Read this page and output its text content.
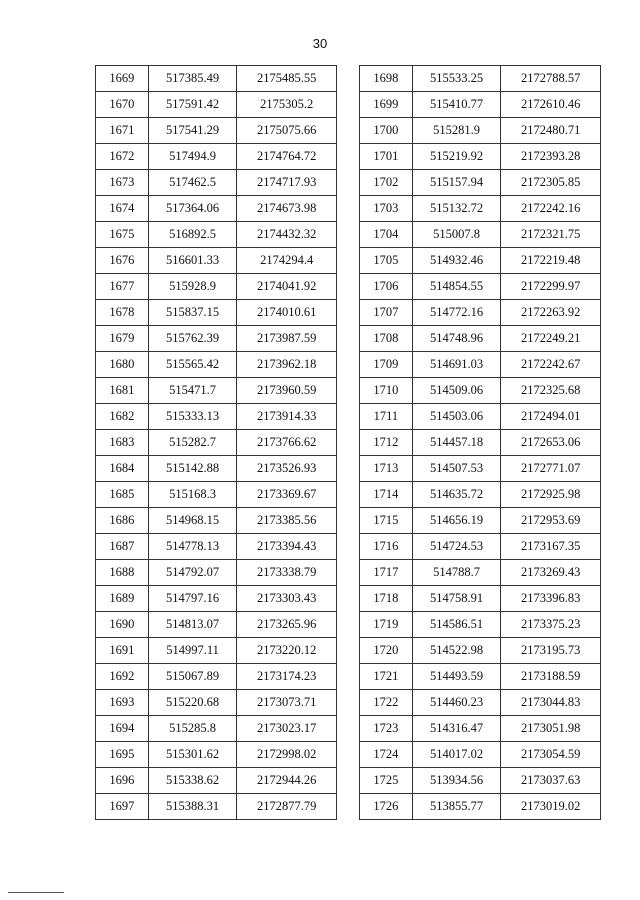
30
1669	517385.49	2175485.55
1670	517591.42	2175305.2
1671	517541.29	2175075.66
1672	517494.9	2174764.72
1673	517462.5	2174717.93
1674	517364.06	2174673.98
1675	516892.5	2174432.32
1676	516601.33	2174294.4
1677	515928.9	2174041.92
1678	515837.15	2174010.61
1679	515762.39	2173987.59
1680	515565.42	2173962.18
1681	515471.7	2173960.59
1682	515333.13	2173914.33
1683	515282.7	2173766.62
1684	515142.88	2173526.93
1685	515168.3	2173369.67
1686	514968.15	2173385.56
1687	514778.13	2173394.43
1688	514792.07	2173338.79
1689	514797.16	2173303.43
1690	514813.07	2173265.96
1691	514997.11	2173220.12
1692	515067.89	2173174.23
1693	515220.68	2173073.71
1694	515285.8	2173023.17
1695	515301.62	2172998.02
1696	515338.62	2172944.26
1697	515388.31	2172877.79
1698	515533.25	2172788.57
1699	515410.77	2172610.46
1700	515281.9	2172480.71
1701	515219.92	2172393.28
1702	515157.94	2172305.85
1703	515132.72	2172242.16
1704	515007.8	2172321.75
1705	514932.46	2172219.48
1706	514854.55	2172299.97
1707	514772.16	2172263.92
1708	514748.96	2172249.21
1709	514691.03	2172242.67
1710	514509.06	2172325.68
1711	514503.06	2172494.01
1712	514457.18	2172653.06
1713	514507.53	2172771.07
1714	514635.72	2172925.98
1715	514656.19	2172953.69
1716	514724.53	2173167.35
1717	514788.7	2173269.43
1718	514758.91	2173396.83
1719	514586.51	2173375.23
1720	514522.98	2173195.73
1721	514493.59	2173188.59
1722	514460.23	2173044.83
1723	514316.47	2173051.98
1724	514017.02	2173054.59
1725	513934.56	2173037.63
1726	513855.77	2173019.02
